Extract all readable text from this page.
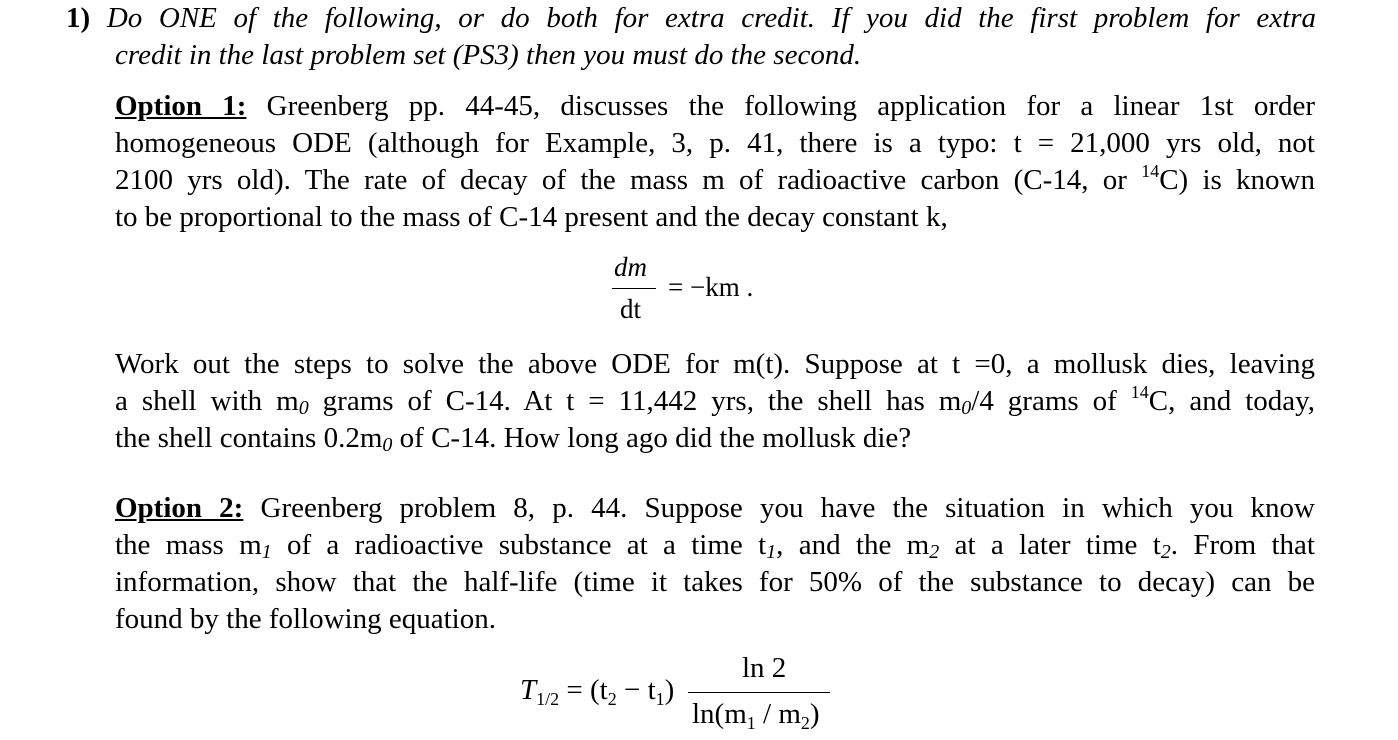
1) Do ONE of the following, or do both for extra credit. If you did the first problem for extra
credit in the last problem set (PS3) then you must do the second.
Option 1: Greenberg pp. 44-45, discusses the following application for a linear 1st order
homogeneous ODE (although for Example, 3, p. 41, there is a typo: t = 21,000 yrs old, not
2100 yrs old). The rate of decay of the mass m of radioactive carbon (C-14, or $^{14}$C) is known
to be proportional to the mass of C-14 present and the decay constant k,
dm
dt
= −km .
Work out the steps to solve the above ODE for m(t). Suppose at t =0, a mollusk dies, leaving
a shell with m0 grams of C-14. At t = 11,442 yrs, the shell has m0/4 grams of $^{14}$C, and today,
the shell contains 0.2m0 of C-14. How long ago did the mollusk die?
Option 2: Greenberg problem 8, p. 44. Suppose you have the situation in which you know
the mass m1 of a radioactive substance at a time t1, and the m2 at a later time t2. From that
information, show that the half-life (time it takes for 50% of the substance to decay) can be
found by the following equation.
$T_{1/2} = (t_2 - t_1)$
ln 2
$\ln(m_1 / m_2)$
